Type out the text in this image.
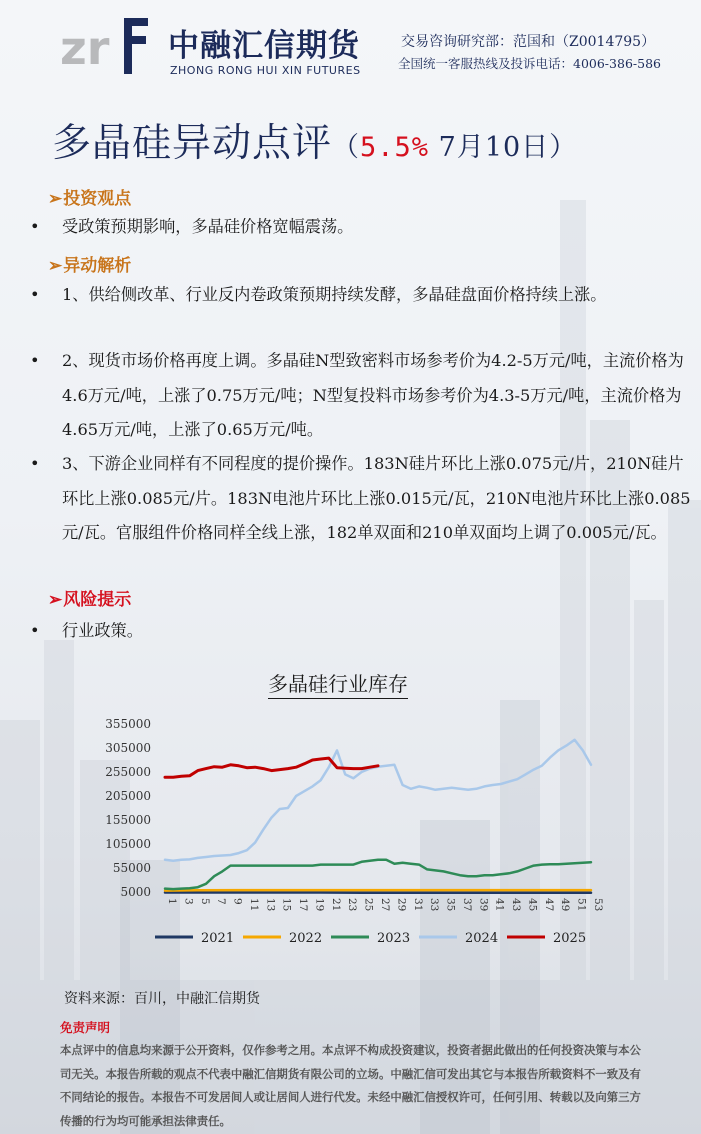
zr 中融汇信期货
ZHONG RONG HUI XIN FUTURES
交易咨询研究部：范国和（Z0014795）
全国统一客服热线及投诉电话：4006-386-586
多晶硅异动点评（5.5% 7月10日）
➢投资观点
• 受政策预期影响，多晶硅价格宽幅震荡。
➢异动解析
• 1、供给侧改革、行业反内卷政策预期持续发酵，多晶硅盘面价格持续上涨。
• 2、现货市场价格再度上调。多晶硅N型致密料市场参考价为4.2-5万元/吨，主流价格为4.6万元/吨，上涨了0.75万元/吨；N型复投料市场参考价为4.3-5万元/吨，主流价格为4.65万元/吨，上涨了0.65万元/吨。
• 3、下游企业同样有不同程度的提价操作。183N硅片环比上涨0.075元/片，210N硅片环比上涨0.085元/片。183N电池片环比上涨0.015元/瓦，210N电池片环比上涨0.085元/瓦。官服组件价格同样全线上涨，182单双面和210单双面均上调了0.005元/瓦。
➢风险提示
• 行业政策。
多晶硅行业库存
5000
55000
105000
155000
205000
255000
305000
355000
1 3 5 7 9 11 13 15 17 19 21 23 25 27 29 31 33 35 37 39 41 43 45 47 49 51 53
2021	2022	2023	2024	2025
资料来源：百川，中融汇信期货
免责声明
本点评中的信息均来源于公开资料，仅作参考之用。本点评不构成投资建议，投资者据此做出的任何投资决策与本公司无关。本报告所载的观点不代表中融汇信期货有限公司的立场。中融汇信可发出其它与本报告所载资料不一致及有不同结论的报告。本报告不可发居间人或让居间人进行代发。未经中融汇信授权许可，任何引用、转载以及向第三方传播的行为均可能承担法律责任。
